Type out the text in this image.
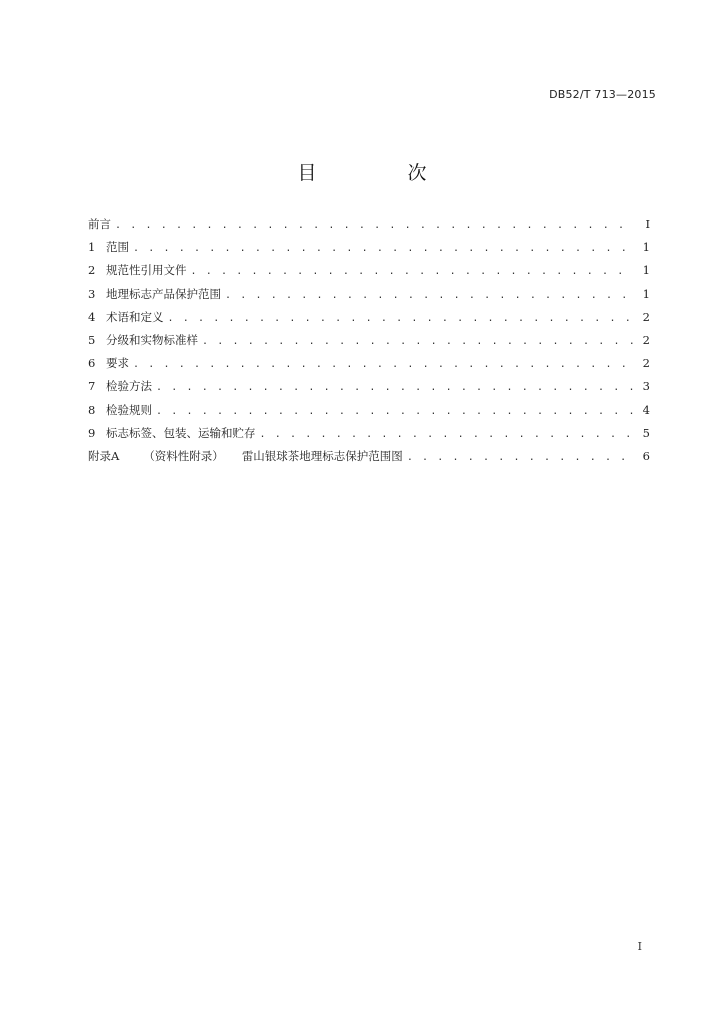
DB52/T 713—2015
目　次
前言 . . .	I
1 范围 . . .	1
2 规范性引用文件 . . .	1
3 地理标志产品保护范围 . . .	1
4 术语和定义 . . .	2
5 分级和实物标准样 . . .	2
6 要求 . . .	2
7 检验方法 . . .	3
8 检验规则 . . .	4
9 标志标签、包装、运输和贮存 . . .	5
附录A （资料性附录） 雷山银球茶地理标志保护范围图 . . .	6
I
